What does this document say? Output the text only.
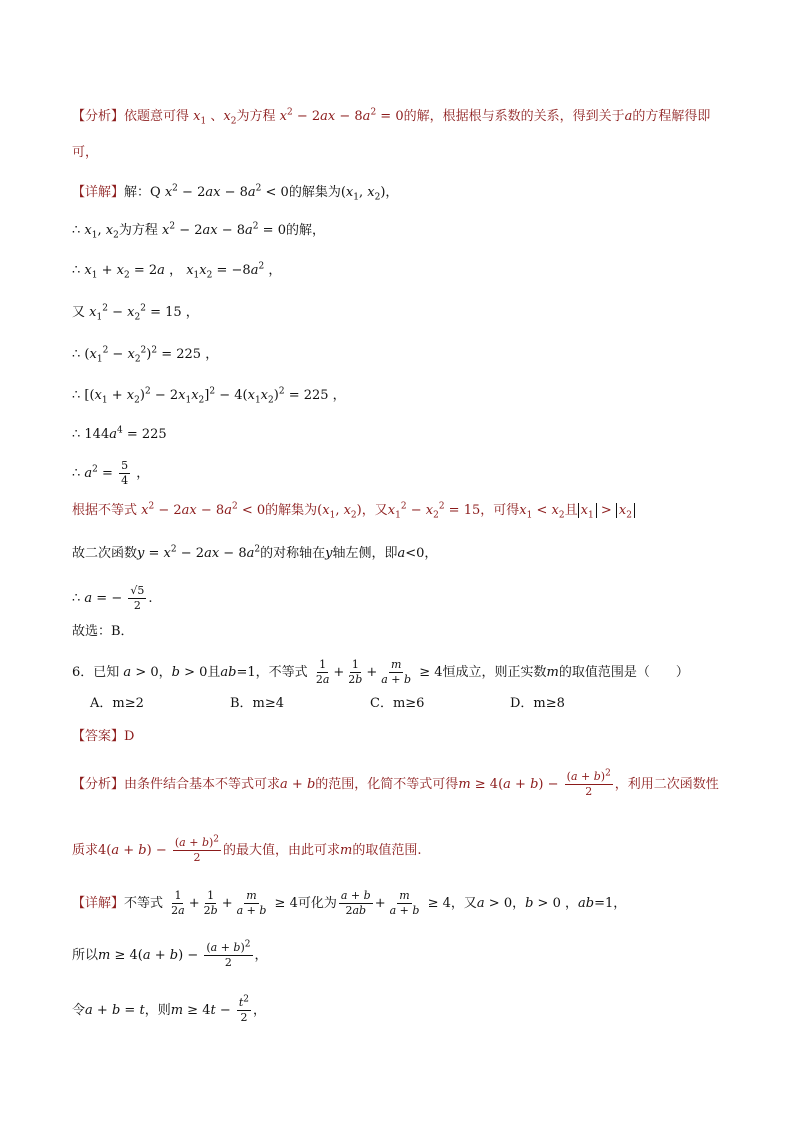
【分析】依题意可得 $x_1$ 、$x_2$为方程 $x^2 - 2ax - 8a^2 = 0$的解，根据根与系数的关系，得到关于a的方程解得即
可，
【详解】解：Q $x^2 - 2ax - 8a^2 < 0$的解集为($x_1$, $x_2$)，
∴ $x_1$, $x_2$为方程 $x^2 - 2ax - 8a^2 = 0$的解，
∴ $x_1 + x_2 = 2a$ ， $x_1x_2 = -8a^2$ ，
又 $x_1^2 - x_2^2 = 15$ ，
∴ $(x_1^2 - x_2^2)^2 = 225$ ，
∴ $[(x_1 + x_2)^2 - 2x_1x_2]^2 - 4(x_1x_2)^2 = 225$ ，
∴ $144a^4 = 225$
∴ $a^2 = \frac{5}{4}$ ，
根据不等式 $x^2 - 2ax - 8a^2 < 0$的解集为($x_1$, $x_2$)，又$x_1^2 - x_2^2 = 15$，可得$x_1 < x_2$且 $x_1 > x_2$
故二次函数$y = x^2 - 2ax - 8a^2$的对称轴在y轴左侧，即a<0，
∴ a = − $\frac{√5}{2}$ .
故选：B．
6．已知 a > 0，b > 0且ab=1，不等式 $\frac{1}{2a} + \frac{1}{2b} + \frac{m}{a + b} \ge 4$恒成立，则正实数m的取值范围是（　　）
A．m≥2	B．m≥4	C．m≥6	D．m≥8
【答案】D
【分析】由条件结合基本不等式可求a + b的范围，化简不等式可得$m \ge 4(a + b) - \frac{(a + b)^2}{2}$ ，利用二次函数性
质求$4(a + b) - \frac{(a + b)^2}{2}$ 的最大值，由此可求m的取值范围.
【详解】不等式 $\frac{1}{2a} + \frac{1}{2b} + \frac{m}{a + b} \ge 4$可化为 $\frac{a + b}{2ab} + \frac{m}{a + b} \ge 4$，又a > 0，b > 0 ，ab=1，
所以$m \ge 4(a + b) - \frac{(a + b)^2}{2}$ ，
令a + b = t，则$m \ge 4t - \frac{t^2}{2}$ ，
